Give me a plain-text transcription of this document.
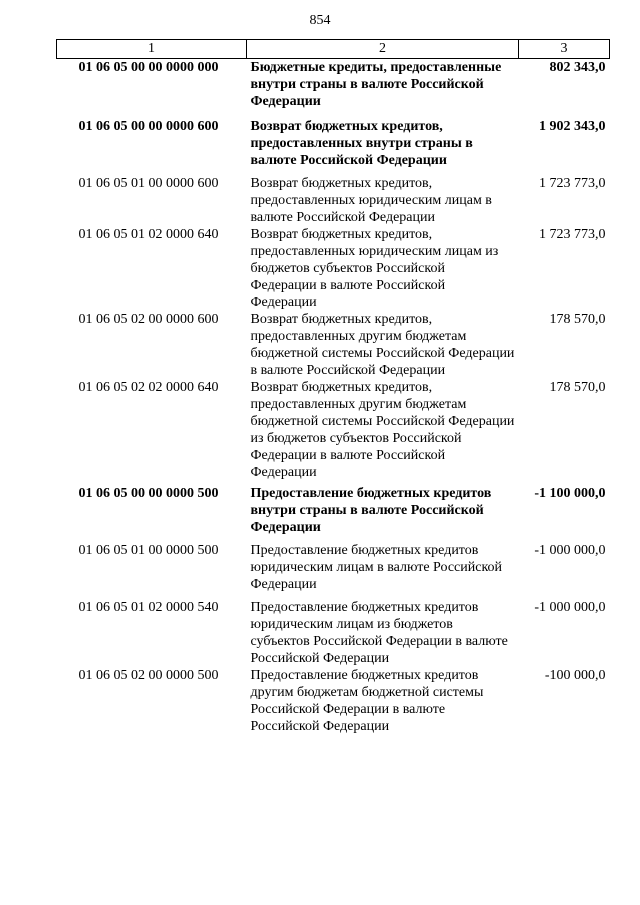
854
1	2	3
01 06 05 00 00 0000 000	Бюджетные кредиты, предоставленные внутри страны в валюте Российской Федерации	802 343,0
01 06 05 00 00 0000 600	Возврат бюджетных кредитов, предоставленных внутри страны в валюте Российской Федерации	1 902 343,0
01 06 05 01 00 0000 600	Возврат бюджетных кредитов, предоставленных юридическим лицам в валюте Российской Федерации	1 723 773,0
01 06 05 01 02 0000 640	Возврат бюджетных кредитов, предоставленных юридическим лицам из бюджетов субъектов Российской Федерации в валюте Российской Федерации	1 723 773,0
01 06 05 02 00 0000 600	Возврат бюджетных кредитов, предоставленных другим бюджетам бюджетной системы Российской Федерации в валюте Российской Федерации	178 570,0
01 06 05 02 02 0000 640	Возврат бюджетных кредитов, предоставленных другим бюджетам бюджетной системы Российской Федерации из бюджетов субъектов Российской Федерации в валюте Российской Федерации	178 570,0
01 06 05 00 00 0000 500	Предоставление бюджетных кредитов внутри страны в валюте Российской Федерации	-1 100 000,0
01 06 05 01 00 0000 500	Предоставление бюджетных кредитов юридическим лицам в валюте Российской Федерации	-1 000 000,0
01 06 05 01 02 0000 540	Предоставление бюджетных кредитов юридическим лицам из бюджетов субъектов Российской Федерации в валюте Российской Федерации	-1 000 000,0
01 06 05 02 00 0000 500	Предоставление бюджетных кредитов другим бюджетам бюджетной системы Российской Федерации в валюте Российской Федерации	-100 000,0
